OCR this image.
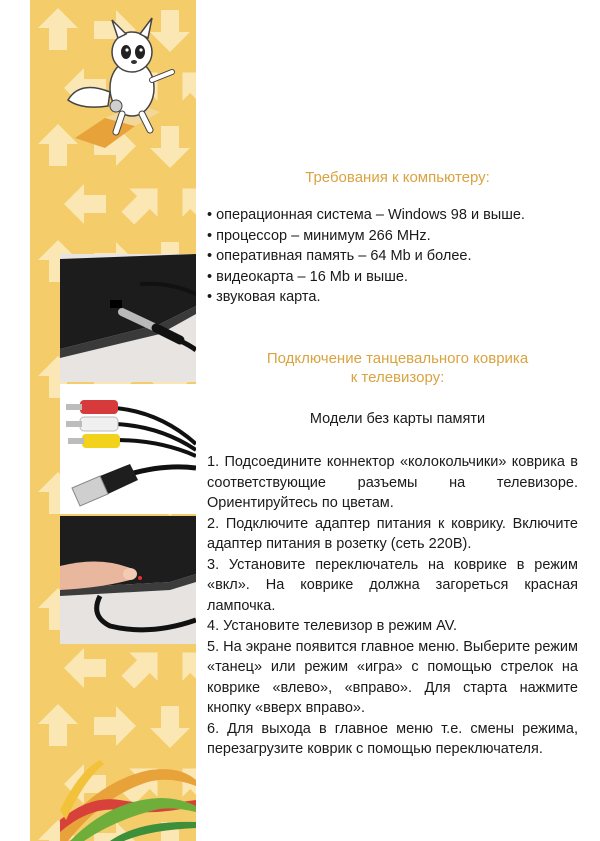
Требования к компьютеру:
• операционная система – Windows 98 и выше.
• процессор – минимум 266 MHz.
• оперативная память – 64 Mb и более.
• видеокарта – 16 Mb и выше.
• звуковая карта.
Подключение танцевального коврика
к телевизору:

Модели без карты памяти

1. Подсоедините коннектор «колокольчики» коврика в соответствующие разъемы на телевизоре. Ориентируйтесь по цветам.
2. Подключите адаптер питания к коврику. Включите адаптер питания в розетку (сеть 220В).
3. Установите переключатель на коврике в режим «вкл». На коврике должна загореться красная лампочка.
4. Установите телевизор в режим AV.
5. На экране появится главное меню. Выберите режим «танец» или режим «игра» с помощью стрелок на коврике «влево», «вправо». Для старта нажмите кнопку «вверх вправо».
6. Для выхода в главное меню т.е. смены режима, перезагрузите коврик с помощью переключателя.
